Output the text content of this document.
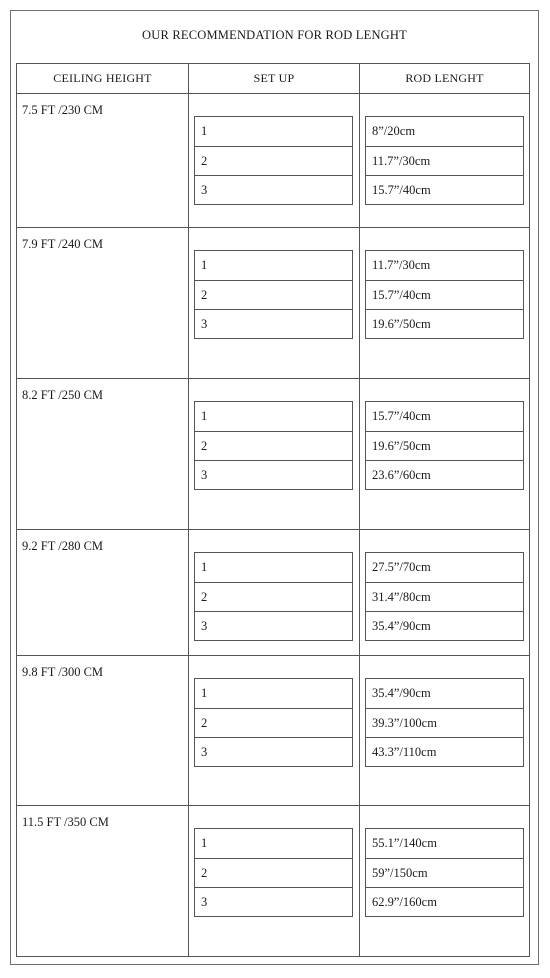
OUR RECOMMENDATION FOR ROD LENGHT
CEILING HEIGHT	SET UP	ROD LENGHT
7.5 FT /230 CM
1
2
3
8”/20cm
11.7”/30cm
15.7”/40cm
7.9 FT /240 CM
1
2
3
11.7”/30cm
15.7”/40cm
19.6”/50cm
8.2 FT /250 CM
1
2
3
15.7”/40cm
19.6”/50cm
23.6”/60cm
9.2 FT /280 CM
1
2
3
27.5”/70cm
31.4”/80cm
35.4”/90cm
9.8 FT /300 CM
1
2
3
35.4”/90cm
39.3”/100cm
43.3”/110cm
11.5 FT /350 CM
1
2
3
55.1”/140cm
59”/150cm
62.9”/160cm
